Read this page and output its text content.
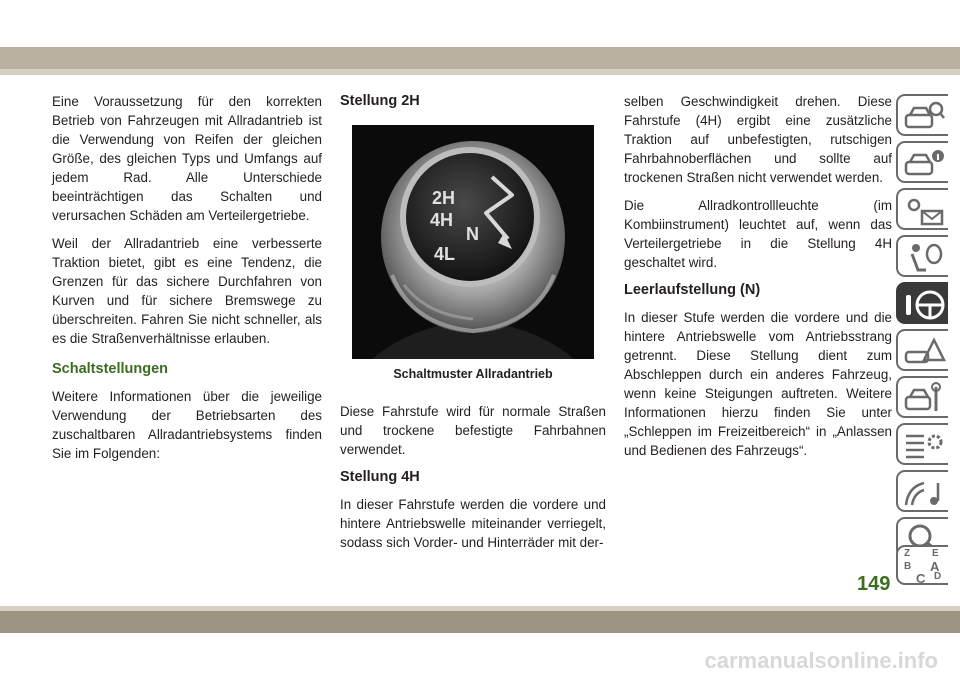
Eine Voraussetzung für den korrekten Betrieb von Fahrzeugen mit Allradantrieb ist die Verwendung von Reifen der gleichen Größe, des gleichen Typs und Umfangs auf jedem Rad. Alle Unterschiede beeinträchtigen das Schalten und verursachen Schäden am Verteilergetriebe.

Weil der Allradantrieb eine verbesserte Traktion bietet, gibt es eine Tendenz, die Grenzen für das sichere Durchfahren von Kurven und für sichere Bremswege zu überschreiten. Fahren Sie nicht schneller, als es die Straßenverhältnisse erlauben.

Schaltstellungen

Weitere Informationen über die jeweilige Verwendung der Betriebsarten des zuschaltbaren Allradantriebsystems finden Sie im Folgenden:

Stellung 2H
Schaltmuster Allradantrieb

Diese Fahrstufe wird für normale Straßen und trockene befestigte Fahrbahnen verwendet.

Stellung 4H

In dieser Fahrstufe werden die vordere und hintere Antriebswelle miteinander verriegelt, sodass sich Vorder- und Hinterräder mit der-

2H
4H
N
4L

selben Geschwindigkeit drehen. Diese Fahrstufe (4H) ergibt eine zusätzliche Traktion auf unbefestigten, rutschigen Fahrbahnoberflächen und sollte auf trockenen Straßen nicht verwendet werden.

Die Allradkontrollleuchte (im Kombiinstrument) leuchtet auf, wenn das Verteilergetriebe in die Stellung 4H geschaltet wird.

Leerlaufstellung (N)

In dieser Stufe werden die vordere und die hintere Antriebswelle vom Antriebsstrang getrennt. Diese Stellung dient zum Abschleppen durch ein anderes Fahrzeug, wenn keine Steigungen auftreten. Weitere Informationen hierzu finden Sie unter „Schleppen im Freizeitbereich“ in „Anlassen und Bedienen des Fahrzeugs“.

Z E
B A
C D
149
carmanualsonline.info
